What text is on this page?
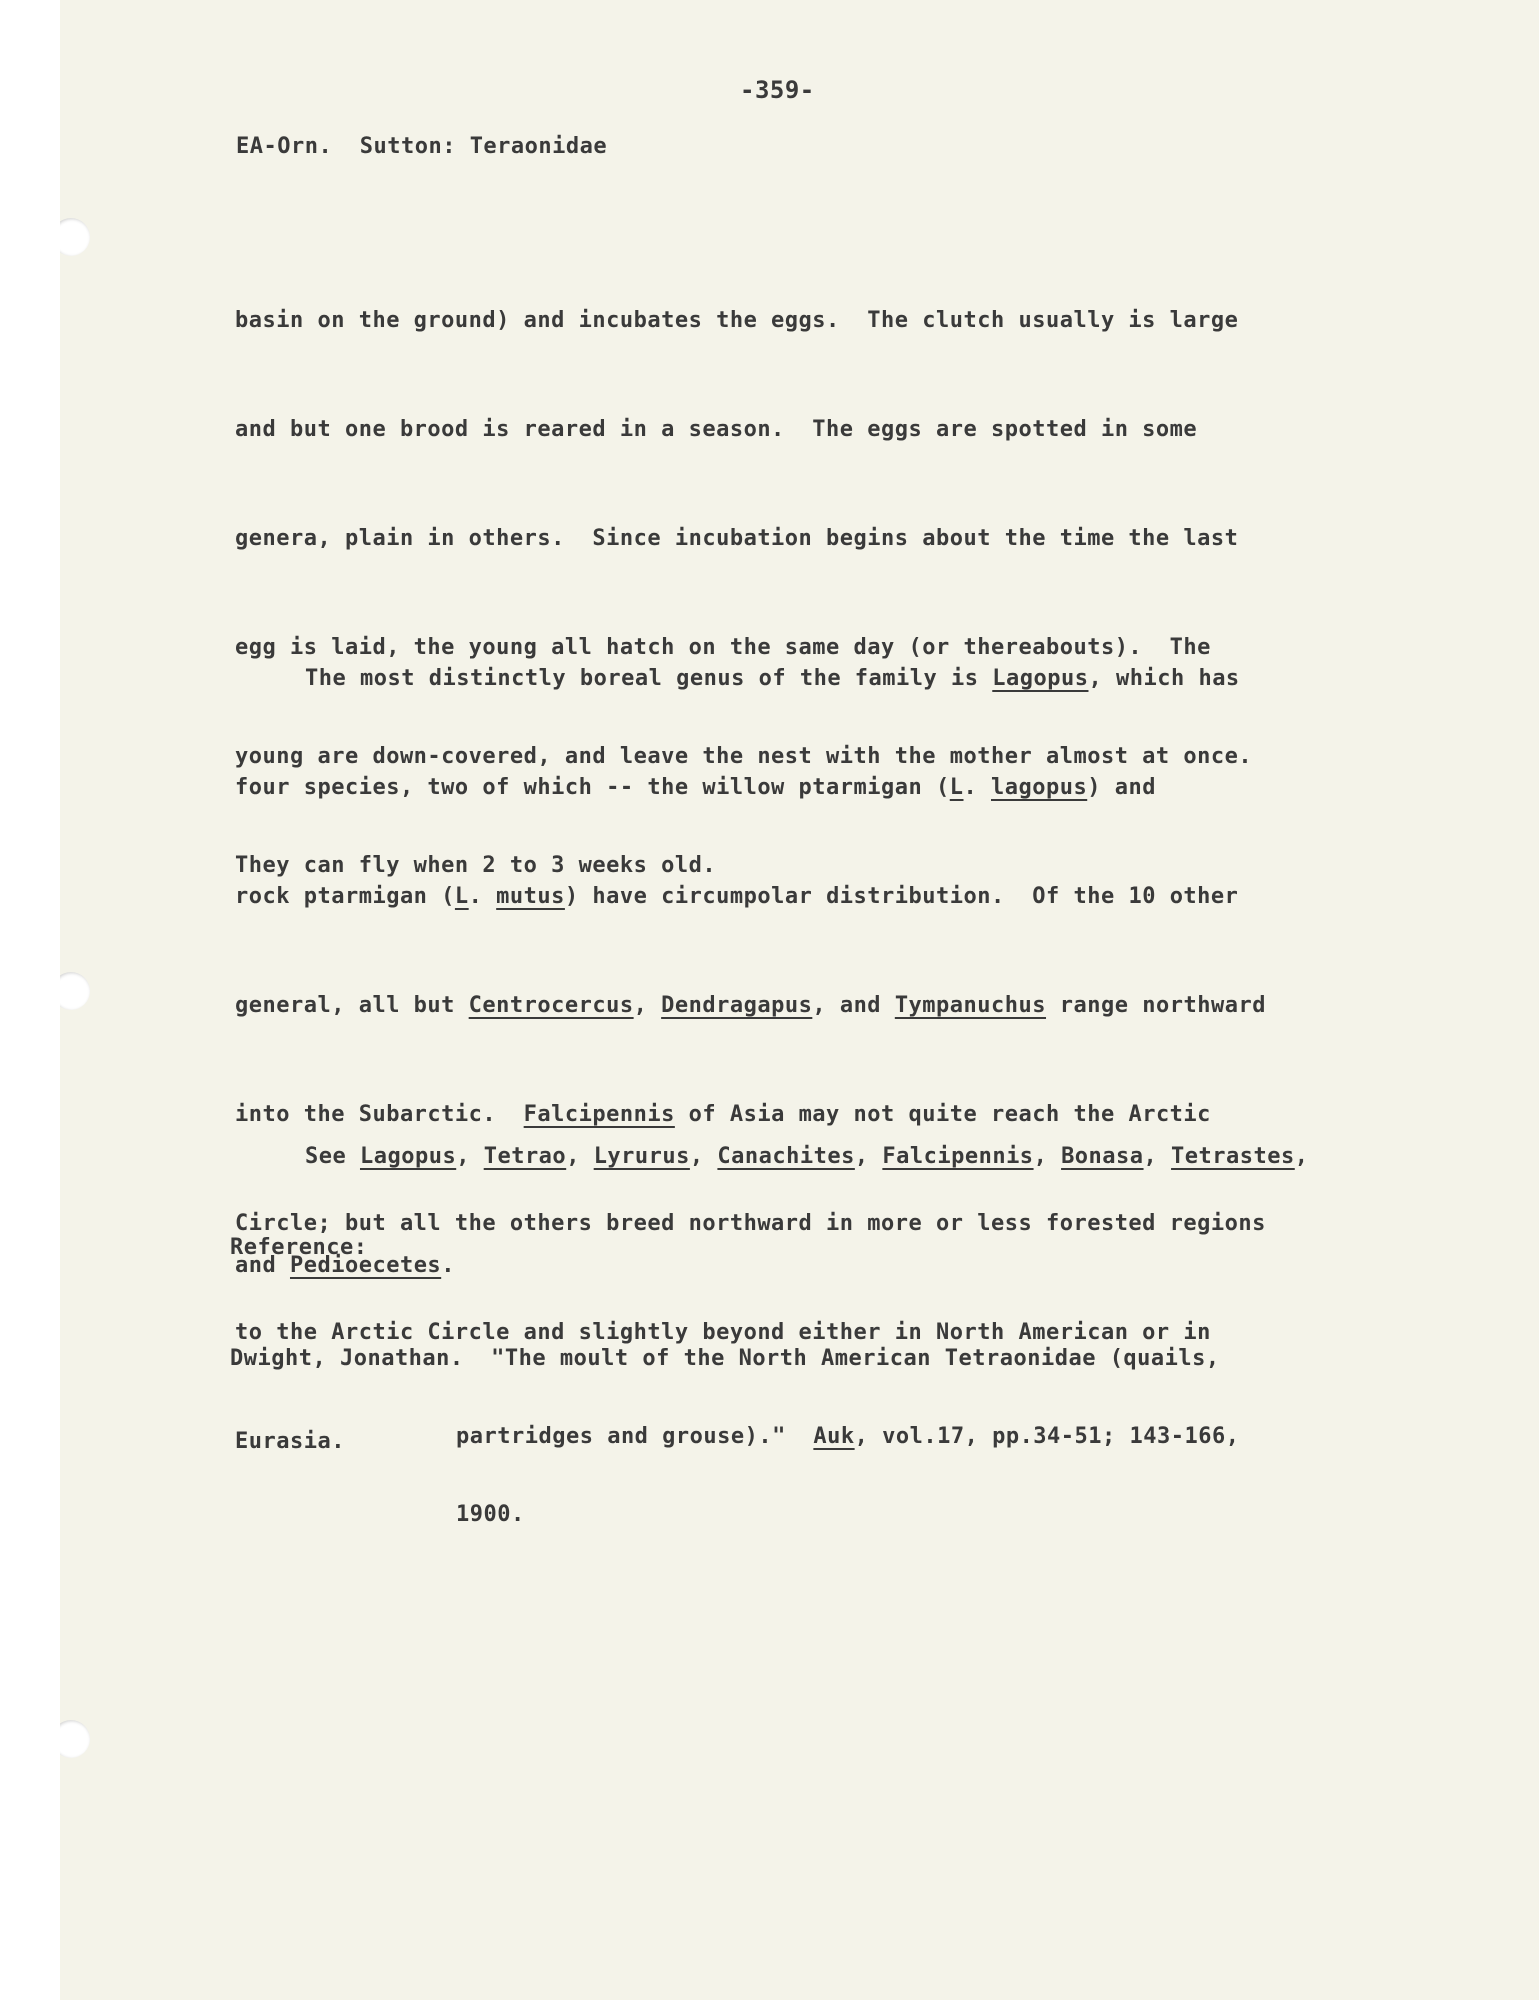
-359-
EA-Orn. Sutton: Teraonidae

basin on the ground) and incubates the eggs.  The clutch usually is large

and but one brood is reared in a season.  The eggs are spotted in some

genera, plain in others.  Since incubation begins about the time the last

egg is laid, the young all hatch on the same day (or thereabouts).  The

young are down-covered, and leave the nest with the mother almost at once.

They can fly when 2 to 3 weeks old.

The most distinctly boreal genus of the family is Lagopus, which has

four species, two of which -- the willow ptarmigan (L. lagopus) and

rock ptarmigan (L. mutus) have circumpolar distribution.  Of the 10 other

general, all but Centrocercus, Dendragapus, and Tympanuchus range northward

into the Subarctic.  Falcipennis of Asia may not quite reach the Arctic

Circle; but all the others breed northward in more or less forested regions

to the Arctic Circle and slightly beyond either in North American or in

Eurasia.

See Lagopus, Tetrao, Lyrurus, Canachites, Falcipennis, Bonasa, Tetrastes,

and Pedioecetes.

Reference:

Dwight, Jonathan.  "The moult of the North American Tetraonidae (quails,

partridges and grouse)."  Auk, vol.17, pp.34-51; 143-166,

1900.
